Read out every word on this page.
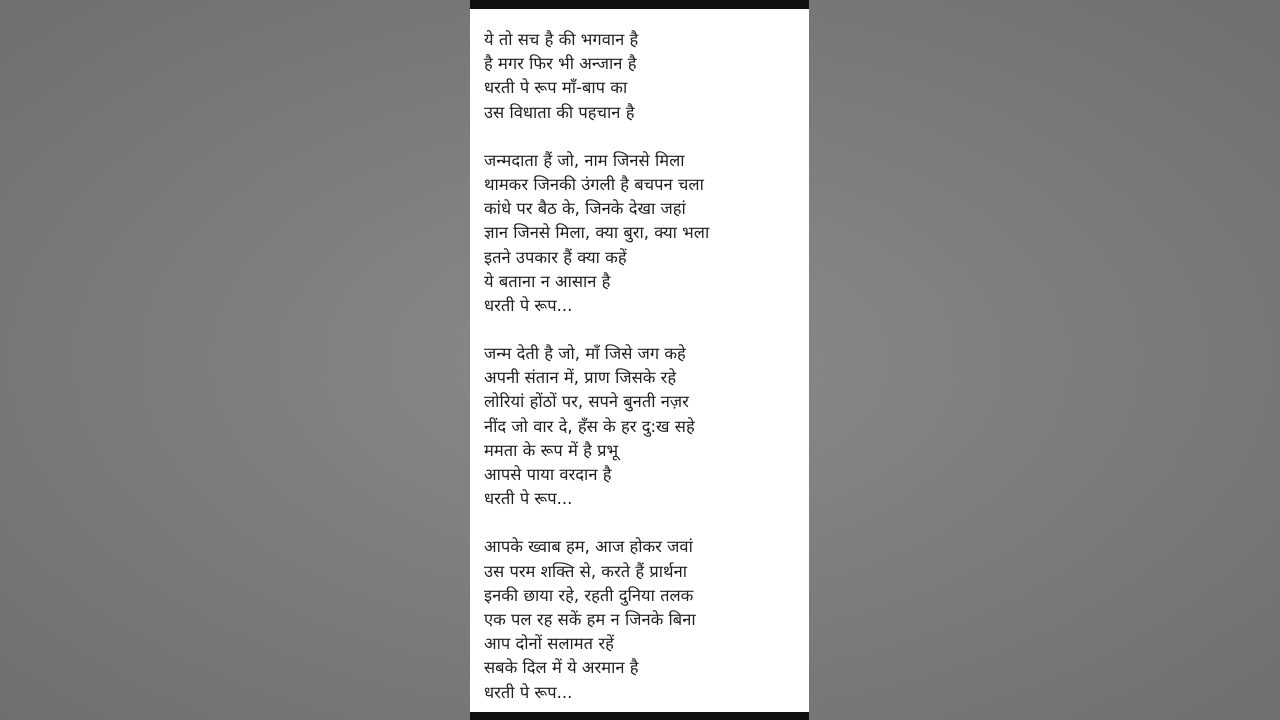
ये तो सच है की भगवान है
है मगर फिर भी अन्जान है
धरती पे रूप माँ-बाप का
उस विधाता की पहचान है
जन्मदाता हैं जो, नाम जिनसे मिला
थामकर जिनकी उंगली है बचपन चला
कांधे पर बैठ के, जिनके देखा जहां
ज्ञान जिनसे मिला, क्या बुरा, क्या भला
इतने उपकार हैं क्या कहें
ये बताना न आसान है
धरती पे रूप...
जन्म देती है जो, माँ जिसे जग कहे
अपनी संतान में, प्राण जिसके रहे
लोरियां होंठों पर, सपने बुनती नज़र
नींद जो वार दे, हँस के हर दु:ख सहे
ममता के रूप में है प्रभू
आपसे पाया वरदान है
धरती पे रूप...
आपके ख्वाब हम, आज होकर जवां
उस परम शक्ति से, करते हैं प्रार्थना
इनकी छाया रहे, रहती दुनिया तलक
एक पल रह सकें हम न जिनके बिना
आप दोनों सलामत रहें
सबके दिल में ये अरमान है
धरती पे रूप...
